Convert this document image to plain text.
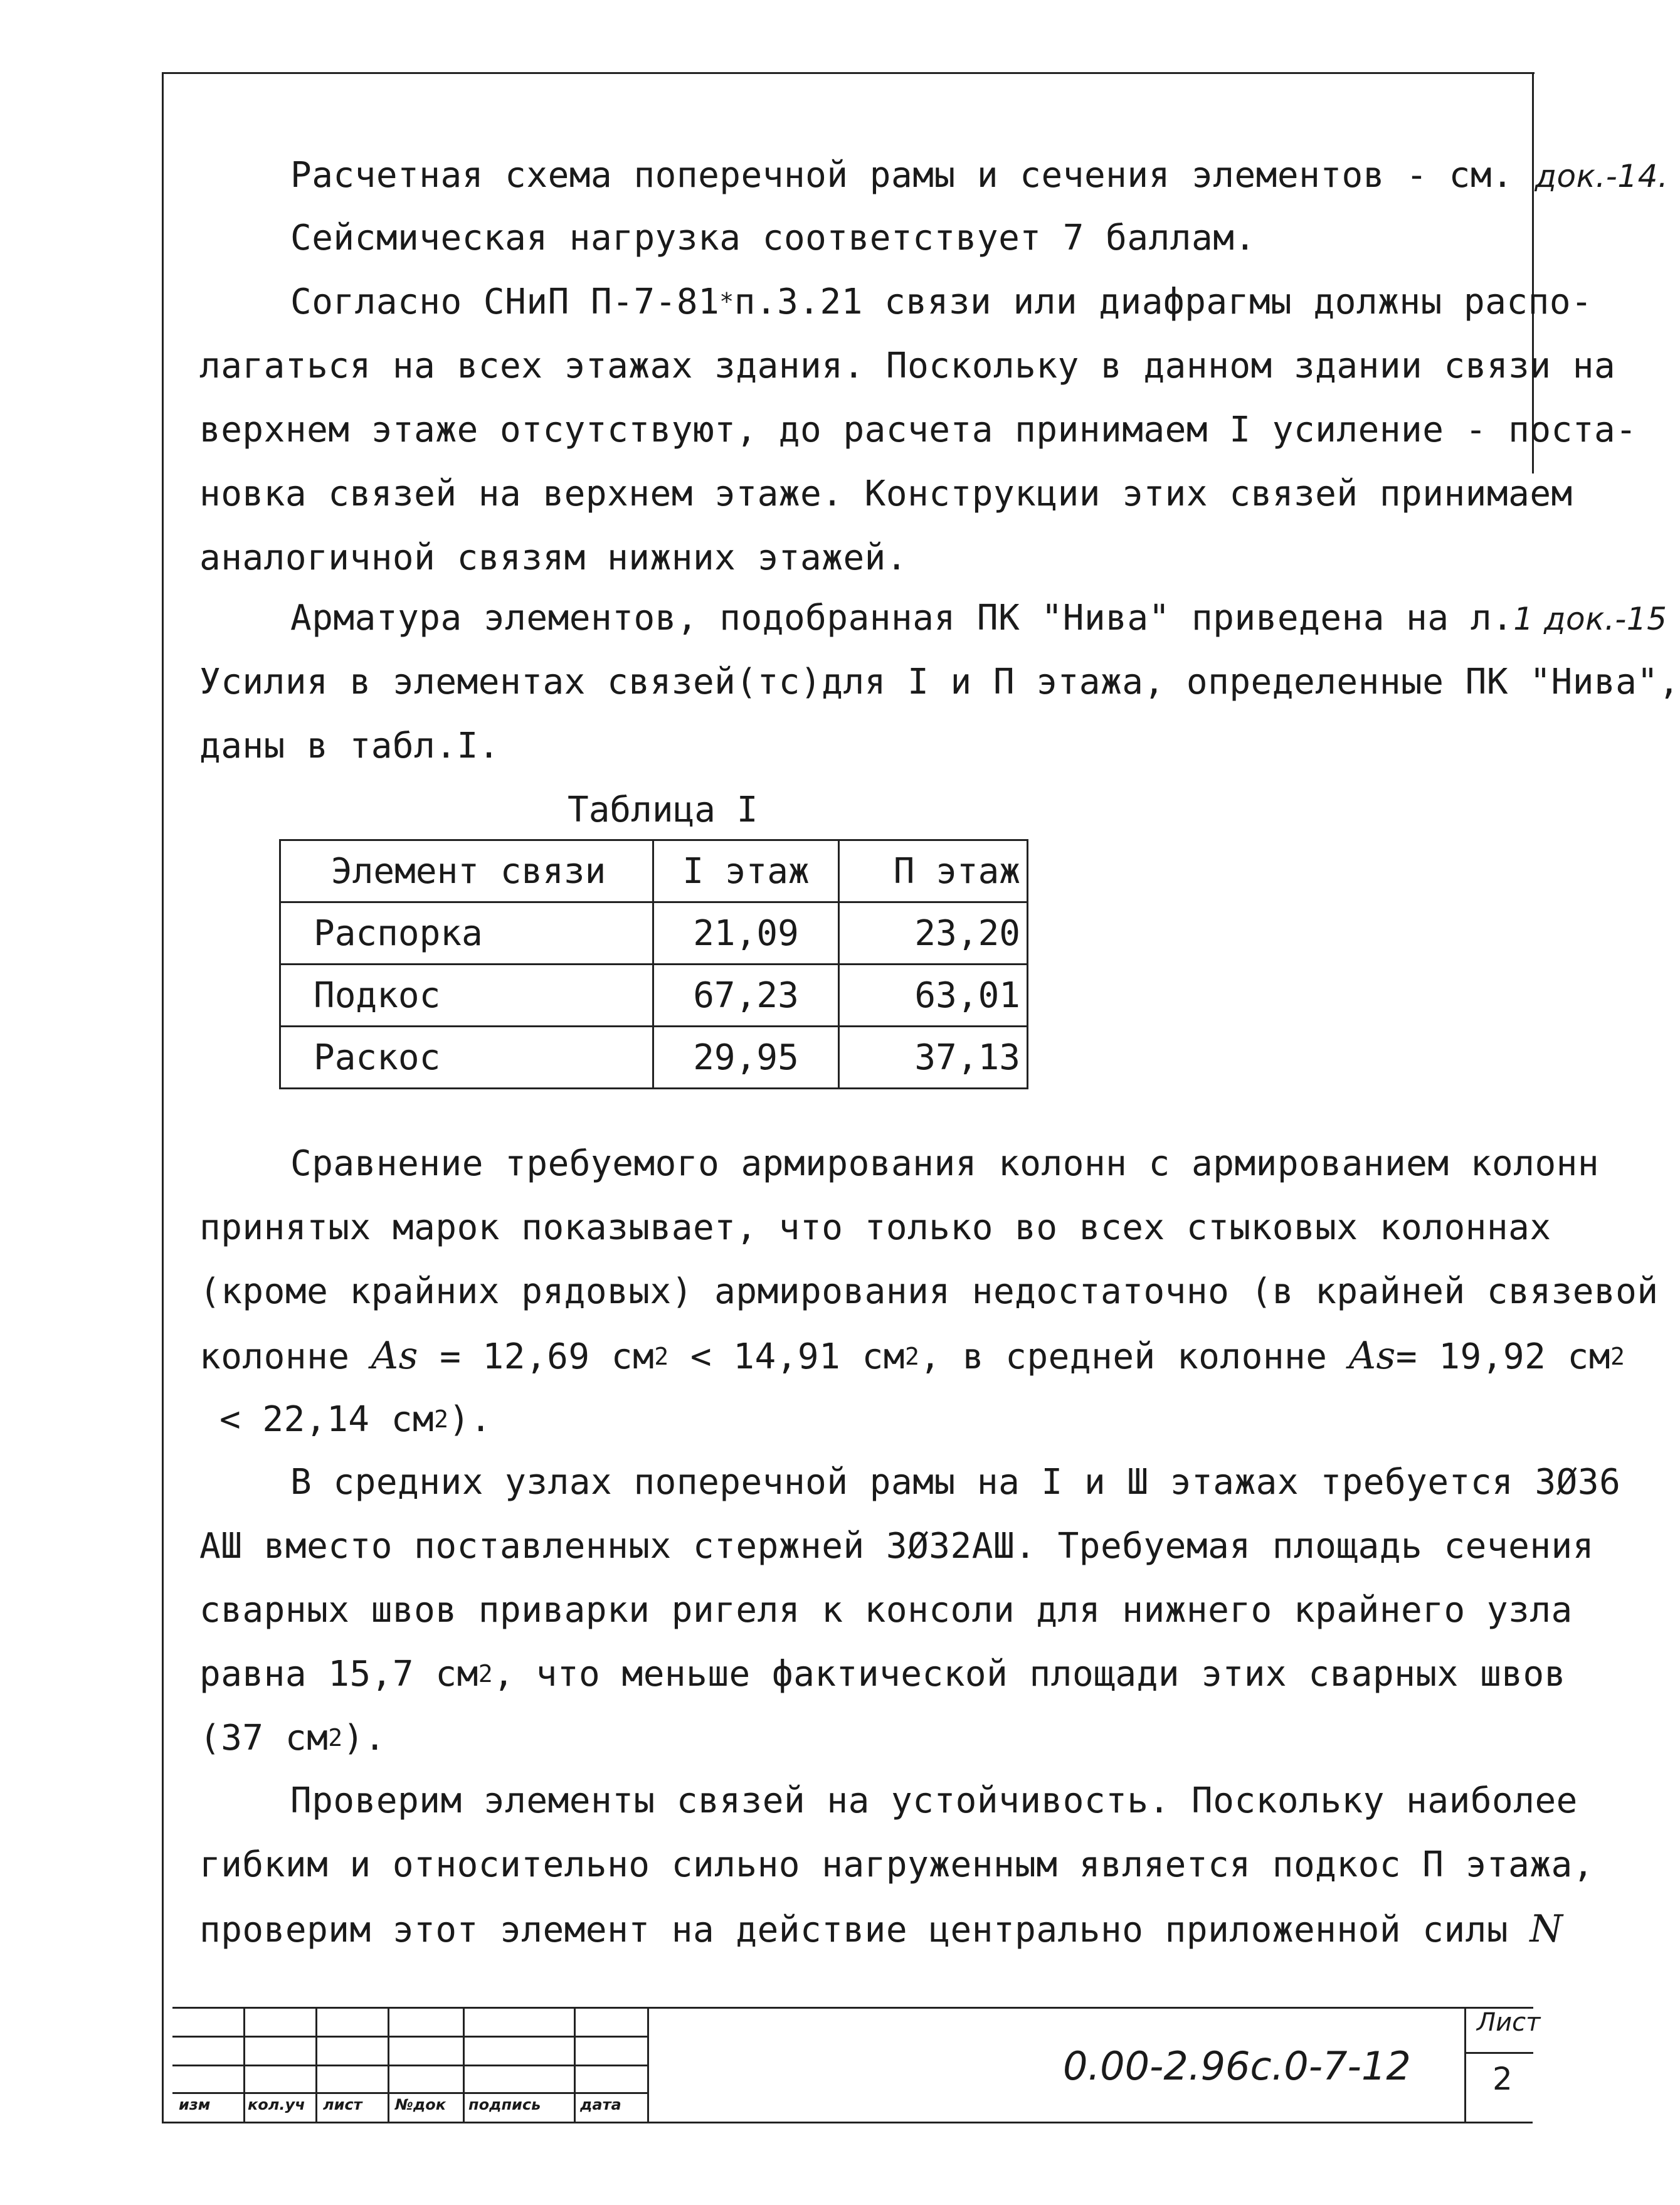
Расчетная схема поперечной рамы и сечения элементов - см. док.-14.
Сейсмическая нагрузка соответствует 7 баллам.
Согласно СНиП П-7-81*п.3.21 связи или диафрагмы должны распо-
лагаться на всех этажах здания. Поскольку в данном здании связи на
верхнем этаже отсутствуют, до расчета принимаем I усиление - поста-
новка связей на верхнем этаже. Конструкции этих связей принимаем
аналогичной связям нижних этажей.
Арматура элементов, подобранная ПК "Нива" приведена на л.1 док.-15
Усилия в элементах связей(тс)для I и П этажа, определенные ПК "Нива",
даны в табл.I.
Таблица I
Элемент связи	I этаж	П этаж
Распорка	21,09	23,20
Подкос	67,23	63,01
Раскос	29,95	37,13
Сравнение требуемого армирования колонн с армированием колонн
принятых марок показывает, что только во всех стыковых колоннах
(кроме крайних рядовых) армирования недостаточно (в крайней связевой
колонне As = 12,69 $см^2 < 14,91$ $см^2$, в средней колонне As= 19,92 $см^2$
< 22,14 $см^2$).
В средних узлах поперечной рамы на I и Ш этажах требуется 3Ø36
АШ вместо поставленных стержней 3Ø32АШ. Требуемая площадь сечения
сварных швов приварки ригеля к консоли для нижнего крайнего узла
равна 15,7 $см^2$, что меньше фактической площади этих сварных швов
(37 $см^2$).
Проверим элементы связей на устойчивость. Поскольку наиболее
гибким и относительно сильно нагруженным является подкос П этажа,
проверим этот элемент на действие центрально приложенной силы N
изм кол.уч лист №док подпись	дата
0.00-2.96с.0-7-12
Лист
2
